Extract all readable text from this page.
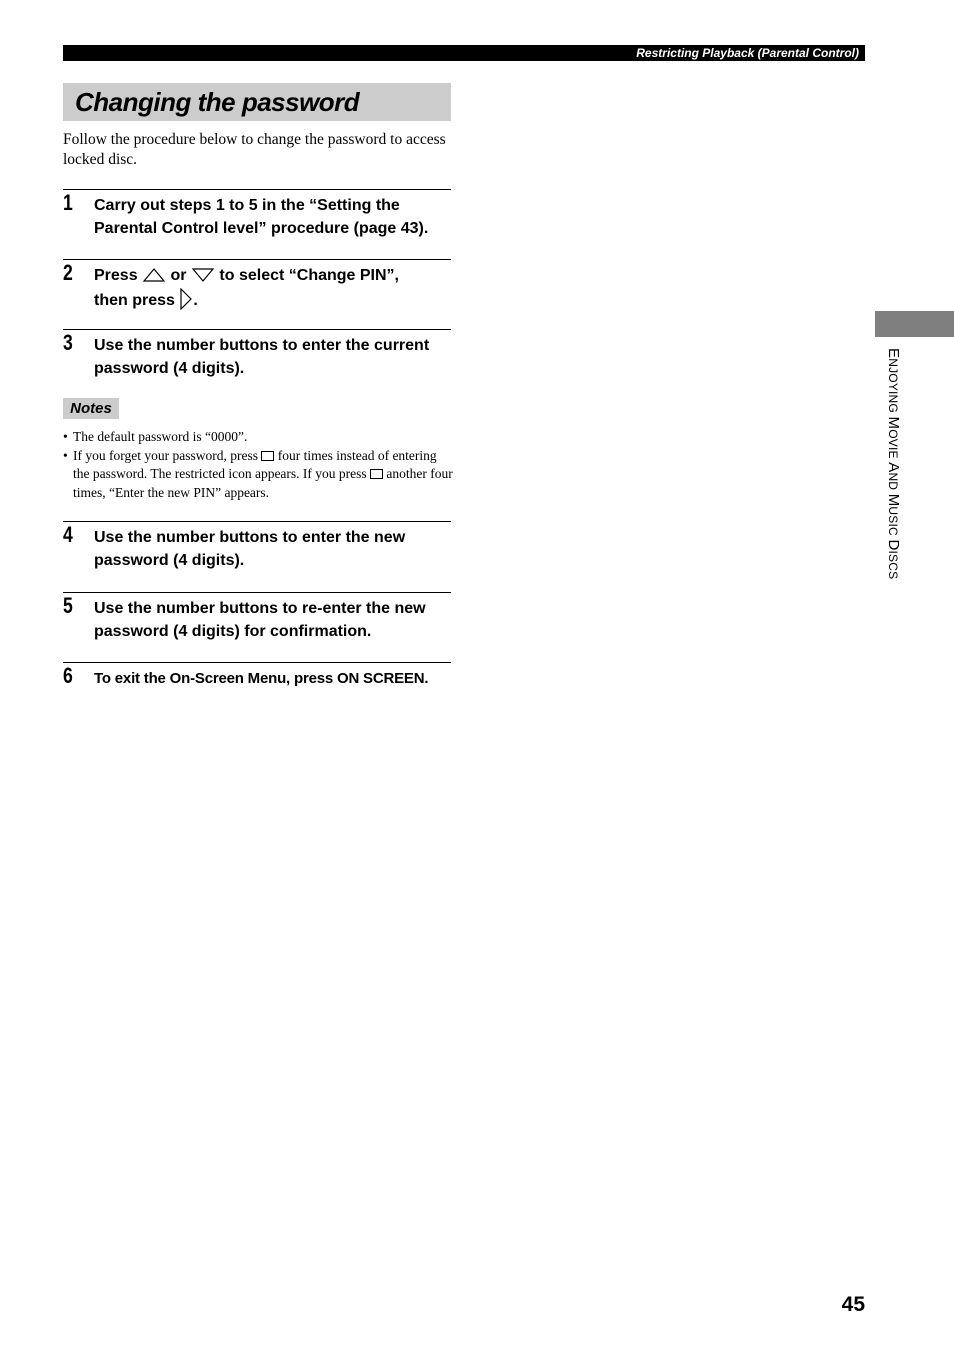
Restricting Playback (Parental Control)
Changing the password
Follow the procedure below to change the password to access locked disc.
1 Carry out steps 1 to 5 in the “Setting the Parental Control level” procedure (page 43).
2 Press or to select “Change PIN”,
then press .
3 Use the number buttons to enter the current password (4 digits).
Notes
• The default password is “0000”.
• If you forget your password, press four times instead of entering the password. The restricted icon appears. If you press another four times, “Enter the new PIN” appears.
4 Use the number buttons to enter the new password (4 digits).
5 Use the number buttons to re-enter the new password (4 digits) for confirmation.
6 To exit the On-Screen Menu, press ON SCREEN.
ENJOYING MOVIE AND MUSIC DISCS
45
